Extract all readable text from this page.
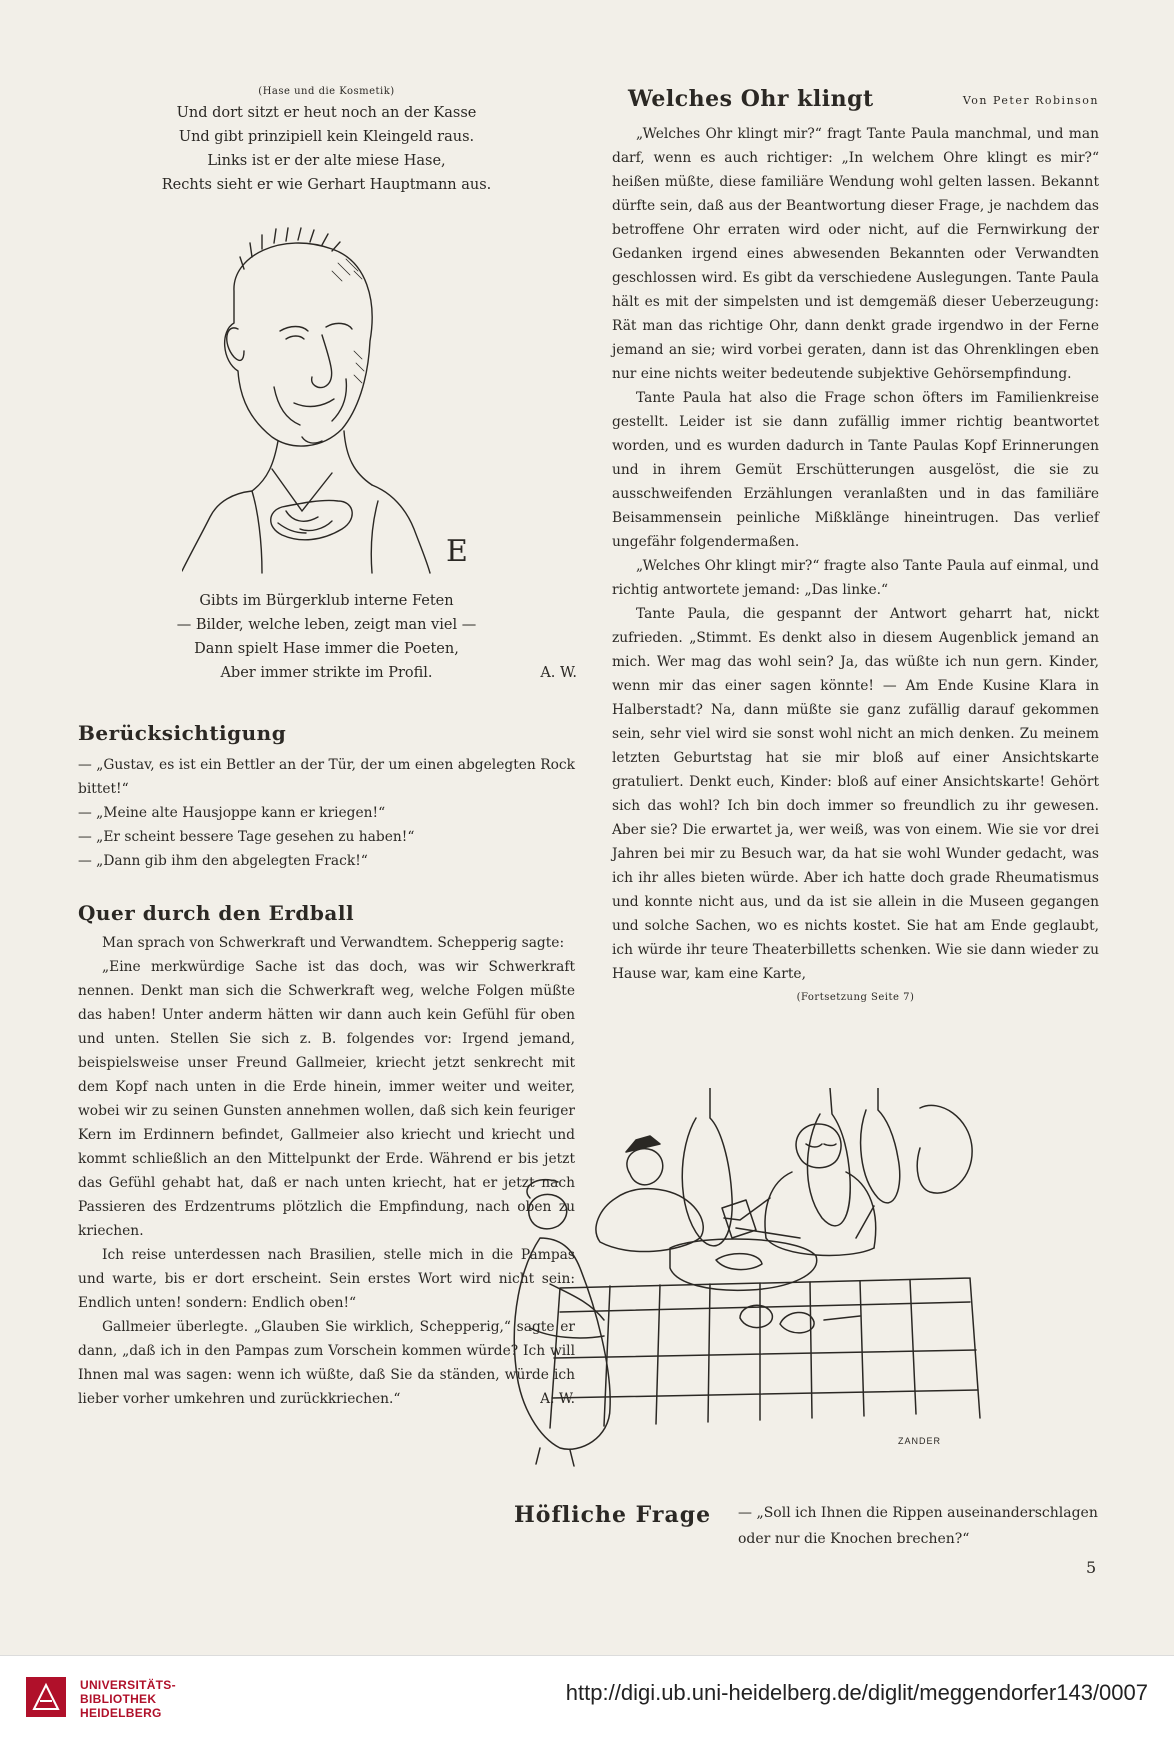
(Hase und die Kosmetik)
Und dort sitzt er heut noch an der Kasse
Und gibt prinzipiell kein Kleingeld raus.
Links ist er der alte miese Hase,
Rechts sieht er wie Gerhart Hauptmann aus.
E
Gibts im Bürgerklub interne Feten
— Bilder, welche leben, zeigt man viel —
Dann spielt Hase immer die Poeten,
Aber immer strikte im Profil.	A. W.
Berücksichtigung

— „Gustav, es ist ein Bettler an der Tür, der um einen abgelegten Rock bittet!“

— „Meine alte Hausjoppe kann er kriegen!“

— „Er scheint bessere Tage gesehen zu haben!“

— „Dann gib ihm den abgelegten Frack!“

Quer durch den Erdball

Man sprach von Schwerkraft und Verwandtem. Schepperig sagte:

„Eine merkwürdige Sache ist das doch, was wir Schwerkraft nennen. Denkt man sich die Schwerkraft weg, welche Folgen müßte das haben! Unter anderm hätten wir dann auch kein Gefühl für oben und unten. Stellen Sie sich z. B. folgendes vor: Irgend jemand, beispielsweise unser Freund Gallmeier, kriecht jetzt senkrecht mit dem Kopf nach unten in die Erde hinein, immer weiter und weiter, wobei wir zu seinen Gunsten annehmen wollen, daß sich kein feuriger Kern im Erdinnern befindet, Gallmeier also kriecht und kriecht und kommt schließlich an den Mittelpunkt der Erde. Während er bis jetzt das Gefühl gehabt hat, daß er nach unten kriecht, hat er jetzt nach Passieren des Erdzentrums plötzlich die Empfindung, nach oben zu kriechen.

Ich reise unterdessen nach Brasilien, stelle mich in die Pampas und warte, bis er dort erscheint. Sein erstes Wort wird nicht sein: Endlich unten! sondern: Endlich oben!“

Gallmeier überlegte. „Glauben Sie wirklich, Schepperig,“ sagte er dann, „daß ich in den Pampas zum Vorschein kommen würde? Ich will Ihnen mal was sagen: wenn ich wüßte, daß Sie da ständen, würde ich lieber vorher umkehren und zurückkriechen.“	A. W.

Welches Ohr klingt	Von Peter Robinson

„Welches Ohr klingt mir?“ fragt Tante Paula manchmal, und man darf, wenn es auch richtiger: „In welchem Ohre klingt es mir?“ heißen müßte, diese familiäre Wendung wohl gelten lassen. Bekannt dürfte sein, daß aus der Beantwortung dieser Frage, je nachdem das betroffene Ohr erraten wird oder nicht, auf die Fernwirkung der Gedanken irgend eines abwesenden Bekannten oder Verwandten geschlossen wird. Es gibt da verschiedene Auslegungen. Tante Paula hält es mit der simpelsten und ist demgemäß dieser Ueberzeugung: Rät man das richtige Ohr, dann denkt grade irgendwo in der Ferne jemand an sie; wird vorbei geraten, dann ist das Ohrenklingen eben nur eine nichts weiter bedeutende subjektive Gehörsempfindung.

Tante Paula hat also die Frage schon öfters im Familienkreise gestellt. Leider ist sie dann zufällig immer richtig beantwortet worden, und es wurden dadurch in Tante Paulas Kopf Erinnerungen und in ihrem Gemüt Erschütterungen ausgelöst, die sie zu ausschweifenden Erzählungen veranlaßten und in das familiäre Beisammensein peinliche Mißklänge hineintrugen. Das verlief ungefähr folgendermaßen.

„Welches Ohr klingt mir?“ fragte also Tante Paula auf einmal, und richtig antwortete jemand: „Das linke.“

Tante Paula, die gespannt der Antwort geharrt hat, nickt zufrieden. „Stimmt. Es denkt also in diesem Augenblick jemand an mich. Wer mag das wohl sein? Ja, das wüßte ich nun gern. Kinder, wenn mir das einer sagen könnte! — Am Ende Kusine Klara in Halberstadt? Na, dann müßte sie ganz zufällig darauf gekommen sein, sehr viel wird sie sonst wohl nicht an mich denken. Zu meinem letzten Geburtstag hat sie mir bloß auf einer Ansichtskarte gratuliert. Denkt euch, Kinder: bloß auf einer Ansichtskarte! Gehört sich das wohl? Ich bin doch immer so freundlich zu ihr gewesen. Aber sie? Die erwartet ja, wer weiß, was von einem. Wie sie vor drei Jahren bei mir zu Besuch war, da hat sie wohl Wunder gedacht, was ich ihr alles bieten würde. Aber ich hatte doch grade Rheumatismus und konnte nicht aus, und da ist sie allein in die Museen gegangen und solche Sachen, wo es nichts kostet. Sie hat am Ende geglaubt, ich würde ihr teure Theaterbilletts schenken. Wie sie dann wieder zu Hause war, kam eine Karte,

(Fortsetzung Seite 7)
ZANDER
Höfliche Frage — „Soll ich Ihnen die Rippen auseinanderschlagen oder nur die Knochen brechen?“
5
UNIVERSITÄTS-
BIBLIOTHEK
HEIDELBERG
http://digi.ub.uni-heidelberg.de/diglit/meggendorfer143/0007
